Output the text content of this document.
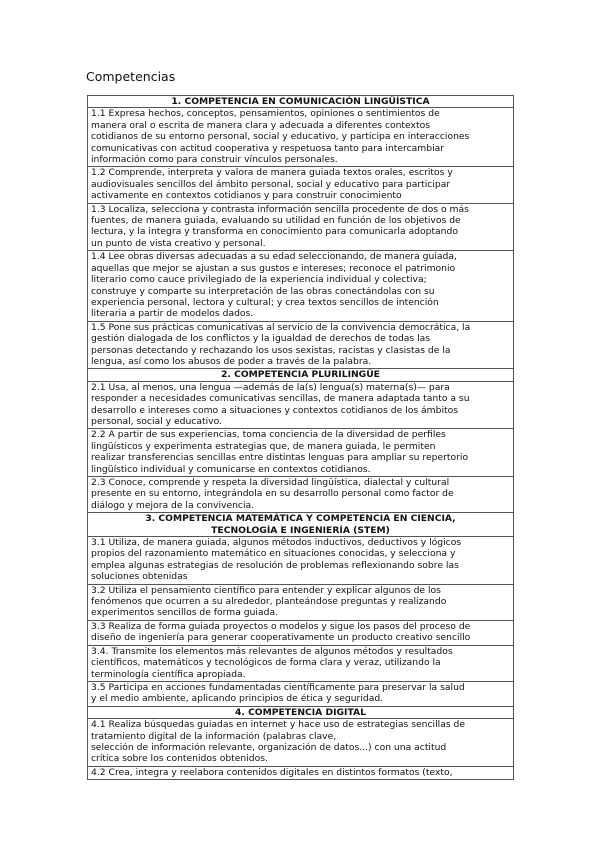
Competencias
1. COMPETENCIA EN COMUNICACIÓN LINGÜÍSTICA

1.1 Expresa hechos, conceptos, pensamientos, opiniones o sentimientos de
manera oral o escrita de manera clara y adecuada a diferentes contextos
cotidianos de su entorno personal, social y educativo, y participa en interacciones
comunicativas con actitud cooperativa y respetuosa tanto para intercambiar
información como para construir vínculos personales.

1.2 Comprende, interpreta y valora de manera guiada textos orales, escritos y
audiovisuales sencillos del ámbito personal, social y educativo para participar
activamente en contextos cotidianos y para construir conocimiento

1.3 Localiza, selecciona y contrasta información sencilla procedente de dos o más
fuentes, de manera guiada, evaluando su utilidad en función de los objetivos de
lectura, y la integra y transforma en conocimiento para comunicarla adoptando
un punto de vista creativo y personal.

1.4 Lee obras diversas adecuadas a su edad seleccionando, de manera guiada,
aquellas que mejor se ajustan a sus gustos e intereses; reconoce el patrimonio
literario como cauce privilegiado de la experiencia individual y colectiva;
construye y comparte su interpretación de las obras conectándolas con su
experiencia personal, lectora y cultural; y crea textos sencillos de intención
literaria a partir de modelos dados.

1.5 Pone sus prácticas comunicativas al servicio de la convivencia democrática, la
gestión dialogada de los conflictos y la igualdad de derechos de todas las
personas detectando y rechazando los usos sexistas, racistas y clasistas de la
lengua, así como los abusos de poder a través de la palabra.

2. COMPETENCIA PLURILINGÜE

2.1 Usa, al menos, una lengua —además de la(s) lengua(s) materna(s)— para
responder a necesidades comunicativas sencillas, de manera adaptada tanto a su
desarrollo e intereses como a situaciones y contextos cotidianos de los ámbitos
personal, social y educativo.

2.2 A partir de sus experiencias, toma conciencia de la diversidad de perfiles
lingüísticos y experimenta estrategias que, de manera guiada, le permiten
realizar transferencias sencillas entre distintas lenguas para ampliar su repertorio
lingüístico individual y comunicarse en contextos cotidianos.

2.3 Conoce, comprende y respeta la diversidad lingüística, dialectal y cultural
presente en su entorno, integrándola en su desarrollo personal como factor de
diálogo y mejora de la convivencia.

3. COMPETENCIA MATEMÁTICA Y COMPETENCIA EN CIENCIA,
TECNOLOGÍA E INGENIERÍA (STEM)

3.1 Utiliza, de manera guiada, algunos métodos inductivos, deductivos y lógicos
propios del razonamiento matemático en situaciones conocidas, y selecciona y
emplea algunas estrategias de resolución de problemas reflexionando sobre las
soluciones obtenidas

3.2 Utiliza el pensamiento científico para entender y explicar algunos de los
fenómenos que ocurren a su alrededor, planteándose preguntas y realizando
experimentos sencillos de forma guiada.

3.3 Realiza de forma guiada proyectos o modelos y sigue los pasos del proceso de
diseño de ingeniería para generar cooperativamente un producto creativo sencillo

3.4. Transmite los elementos más relevantes de algunos métodos y resultados
científicos, matemáticos y tecnológicos de forma clara y veraz, utilizando la
terminología científica apropiada.

3.5 Participa en acciones fundamentadas científicamente para preservar la salud
y el medio ambiente, aplicando principios de ética y seguridad.

4. COMPETENCIA DIGITAL

4.1 Realiza búsquedas guiadas en internet y hace uso de estrategias sencillas de
tratamiento digital de la información (palabras clave,
selección de información relevante, organización de datos...) con una actitud
crítica sobre los contenidos obtenidos.

4.2 Crea, integra y reelabora contenidos digitales en distintos formatos (texto,
